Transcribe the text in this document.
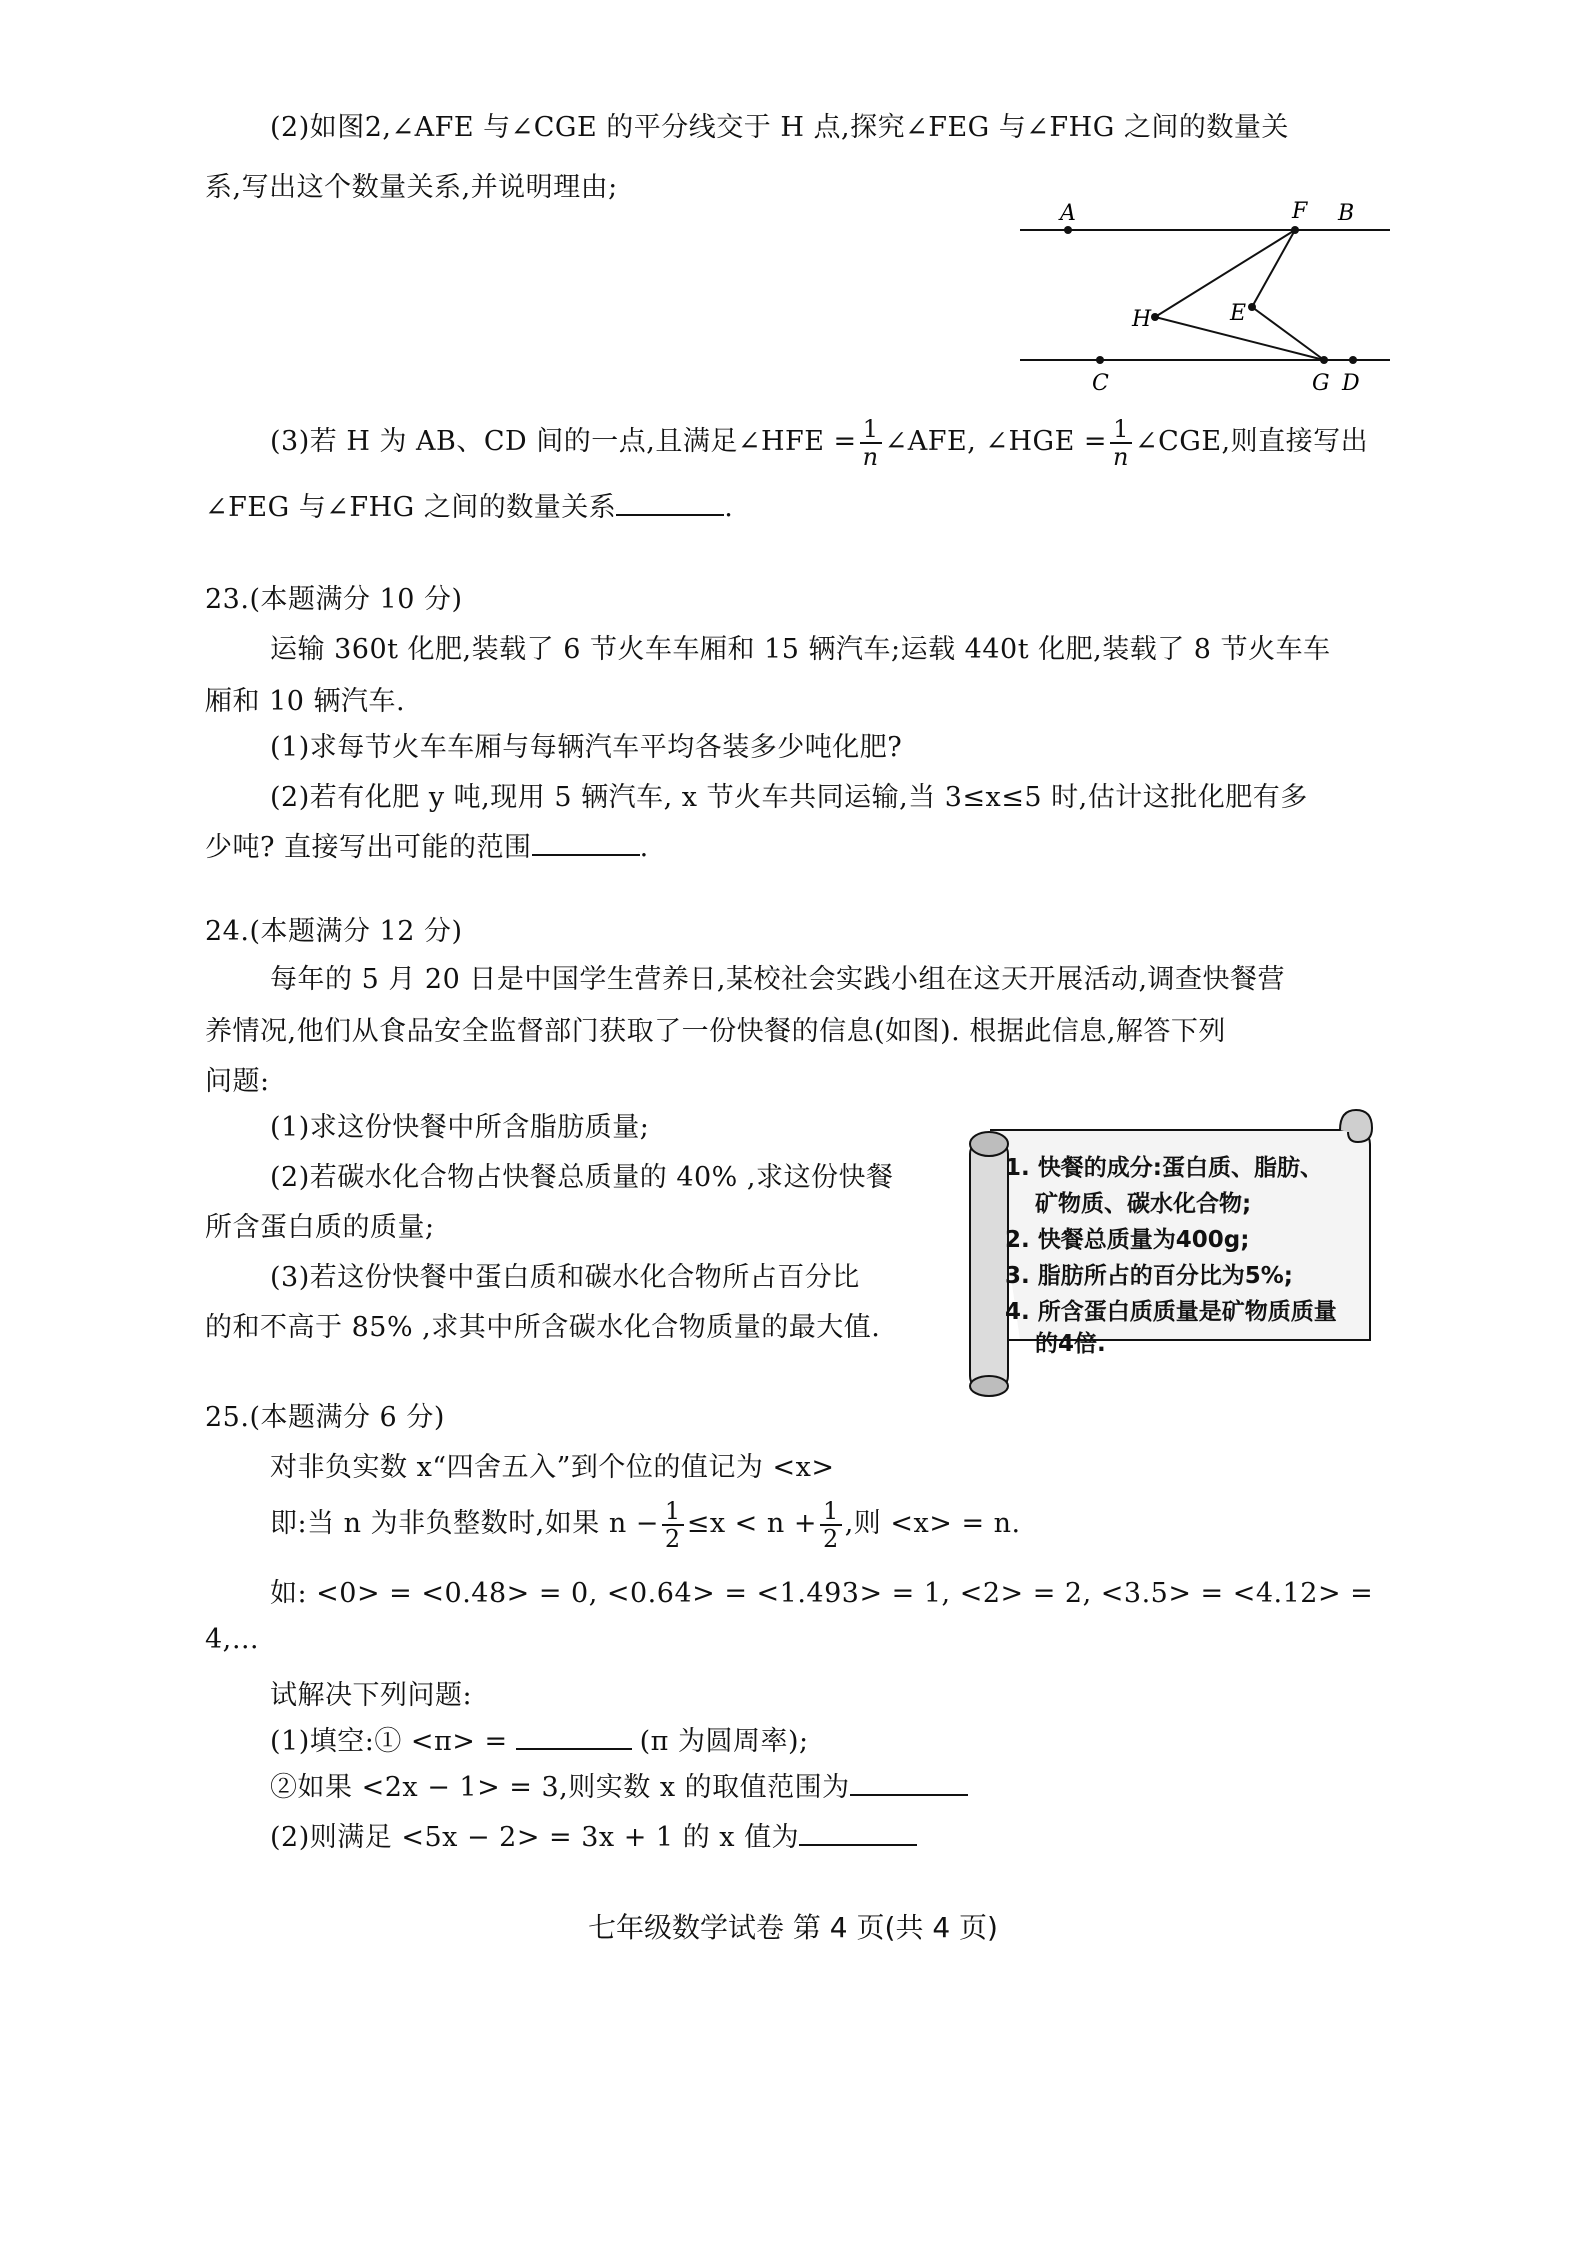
(2)如图2,∠AFE 与∠CGE 的平分线交于 H 点,探究∠FEG 与∠FHG 之间的数量关
系,写出这个数量关系,并说明理由;
A	F B
H	E
C	G D
(3)若 H 为 AB、CD 间的一点,且满足∠HFE = $\frac{1}{n}$ ∠AFE, ∠HGE = $\frac{1}{n}$ ∠CGE,则直接写出
∠FEG 与∠FHG 之间的数量关系	.
23.(本题满分 10 分)
运输 360t 化肥,装载了 6 节火车车厢和 15 辆汽车;运载 440t 化肥,装载了 8 节火车车
厢和 10 辆汽车.
(1)求每节火车车厢与每辆汽车平均各装多少吨化肥?
(2)若有化肥 y 吨,现用 5 辆汽车, x 节火车共同运输,当 3≤x≤5 时,估计这批化肥有多
少吨? 直接写出可能的范围	.
24.(本题满分 12 分)
每年的 5 月 20 日是中国学生营养日,某校社会实践小组在这天开展活动,调查快餐营
养情况,他们从食品安全监督部门获取了一份快餐的信息(如图). 根据此信息,解答下列
问题:
(1)求这份快餐中所含脂肪质量;
(2)若碳水化合物占快餐总质量的 40% ,求这份快餐
所含蛋白质的质量;
(3)若这份快餐中蛋白质和碳水化合物所占百分比
的和不高于 85% ,求其中所含碳水化合物质量的最大值.
1. 快餐的成分:蛋白质、脂肪、
矿物质、碳水化合物;
2. 快餐总质量为400g;
3. 脂肪所占的百分比为5%;
4. 所含蛋白质质量是矿物质质量
的4倍.
25.(本题满分 6 分)
对非负实数 x“四舍五入”到个位的值记为 <x>
即:当 n 为非负整数时,如果 $n - \frac{1}{2} \le x < n + \frac{1}{2}$ ,则 <x> = n.
如: <0> = <0.48> = 0, <0.64> = <1.493> = 1, <2> = 2, <3.5> = <4.12> =
4,…
试解决下列问题:
(1)填空:① <π> =	(π 为圆周率);
②如果 <2x − 1> = 3,则实数 x 的取值范围为
(2)则满足 <5x − 2> = 3x + 1 的 x 值为
七年级数学试卷 第 4 页(共 4 页)
